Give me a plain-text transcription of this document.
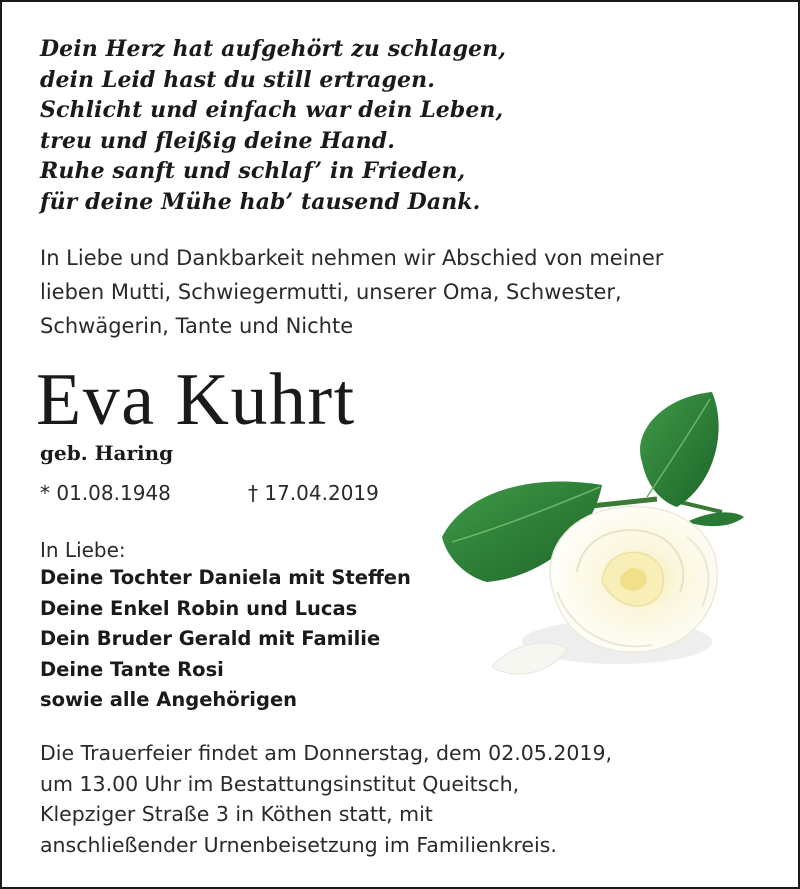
Dein Herz hat aufgehört zu schlagen,
dein Leid hast du still ertragen.
Schlicht und einfach war dein Leben,
treu und fleißig deine Hand.
Ruhe sanft und schlaf’ in Frieden,
für deine Mühe hab’ tausend Dank.
In Liebe und Dankbarkeit nehmen wir Abschied von meiner
lieben Mutti, Schwiegermutti, unserer Oma, Schwester,
Schwägerin, Tante und Nichte
Eva Kuhrt
geb. Haring
* 01.08.1948	† 17.04.2019
In Liebe:
Deine Tochter Daniela mit Steffen
Deine Enkel Robin und Lucas
Dein Bruder Gerald mit Familie
Deine Tante Rosi
sowie alle Angehörigen
Die Trauerfeier findet am Donnerstag, dem 02.05.2019,
um 13.00 Uhr im Bestattungsinstitut Queitsch,
Klepziger Straße 3 in Köthen statt, mit
anschließender Urnenbeisetzung im Familienkreis.
